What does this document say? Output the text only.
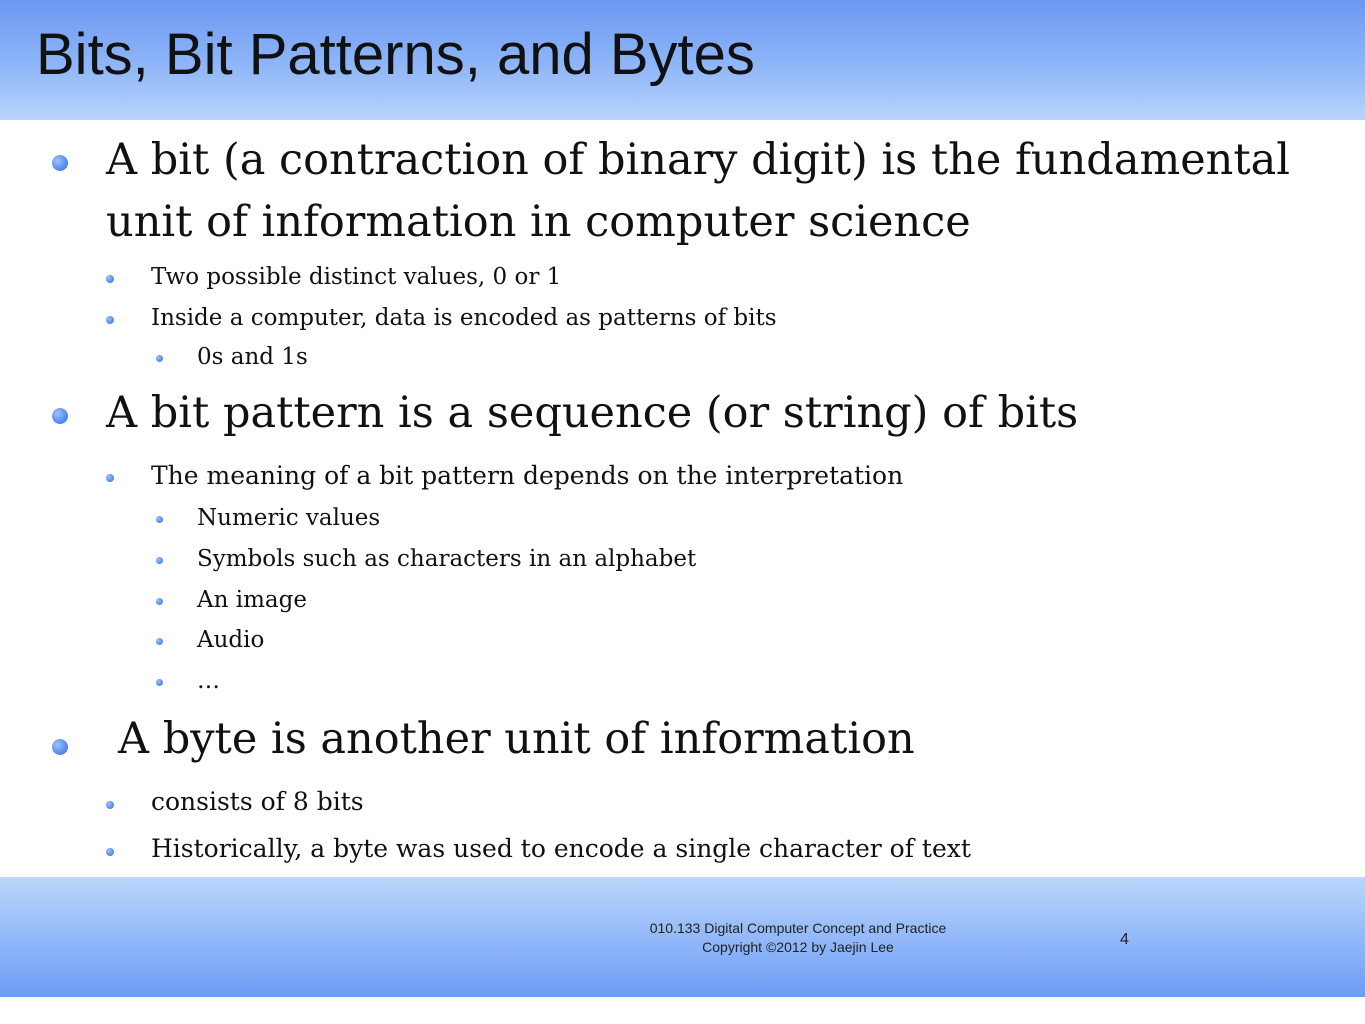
Bits, Bit Patterns, and Bytes
A bit (a contraction of binary digit) is the fundamental
unit of information in computer science
Two possible distinct values, 0 or 1
Inside a computer, data is encoded as patterns of bits
0s and 1s
A bit pattern is a sequence (or string) of bits
The meaning of a bit pattern depends on the interpretation
Numeric values
Symbols such as characters in an alphabet
An image
Audio
…
A byte is another unit of information
consists of 8 bits
Historically, a byte was used to encode a single character of text
010.133 Digital Computer Concept and Practice
Copyright ©2012 by Jaejin Lee	4
